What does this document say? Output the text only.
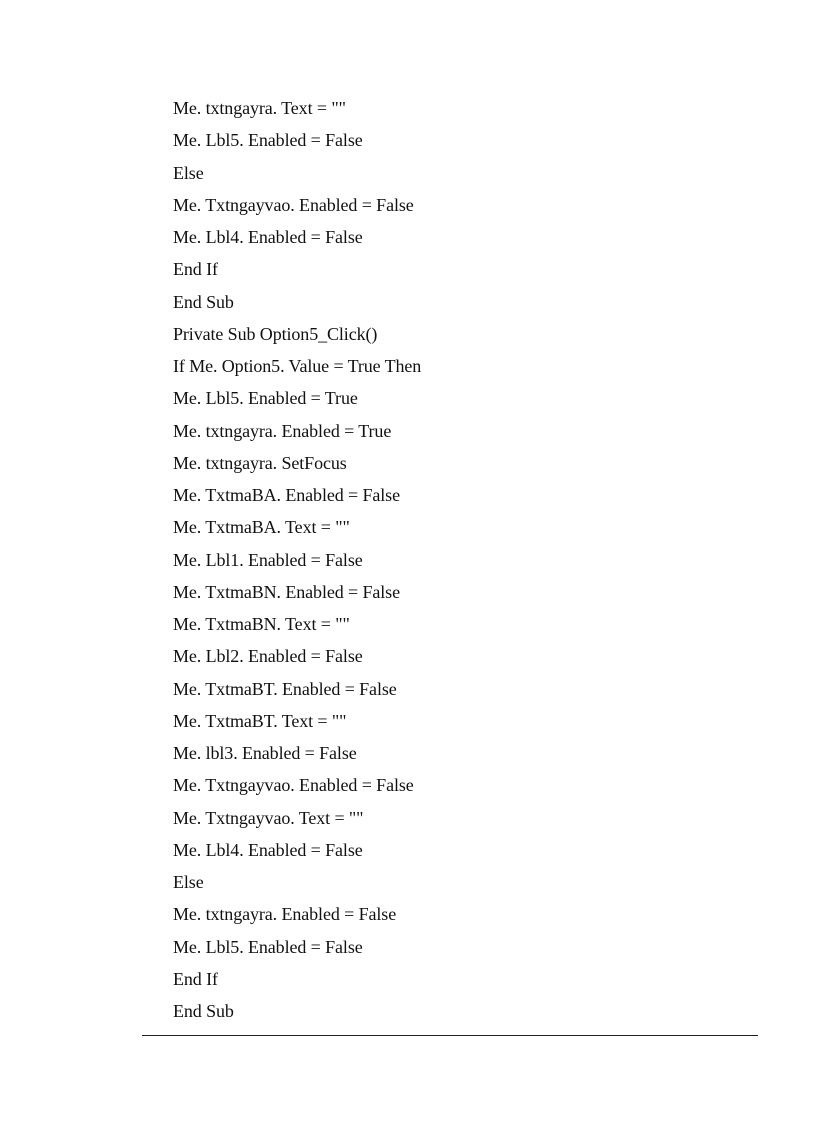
Me. txtngayra. Text = ""
Me. Lbl5. Enabled = False
Else
Me. Txtngayvao. Enabled = False
Me. Lbl4. Enabled = False
End If
End Sub
Private Sub Option5_Click()
If Me. Option5. Value = True Then
Me. Lbl5. Enabled = True
Me. txtngayra. Enabled = True
Me. txtngayra. SetFocus
Me. TxtmaBA. Enabled = False
Me. TxtmaBA. Text = ""
Me. Lbl1. Enabled = False
Me. TxtmaBN. Enabled = False
Me. TxtmaBN. Text = ""
Me. Lbl2. Enabled = False
Me. TxtmaBT. Enabled = False
Me. TxtmaBT. Text = ""
Me. lbl3. Enabled = False
Me. Txtngayvao. Enabled = False
Me. Txtngayvao. Text = ""
Me. Lbl4. Enabled = False
Else
Me. txtngayra. Enabled = False
Me. Lbl5. Enabled = False
End If
End Sub
